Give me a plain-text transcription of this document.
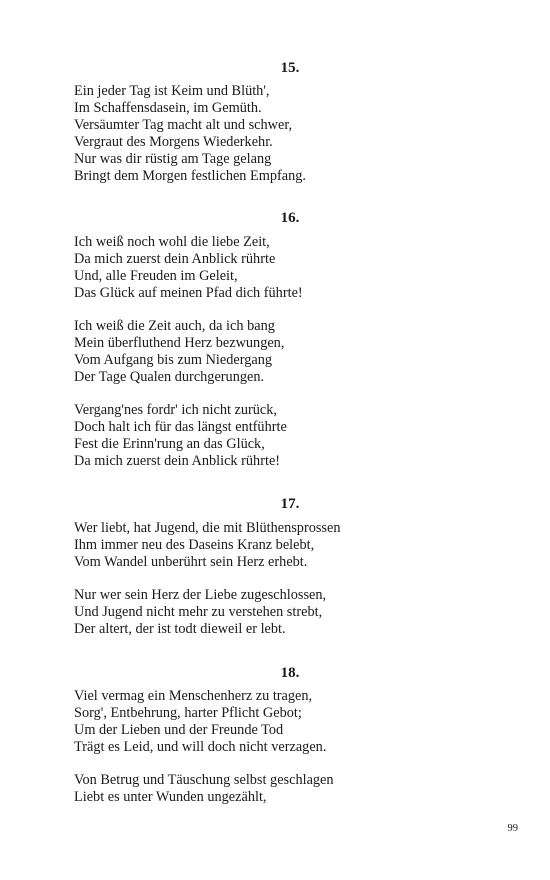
15.
Ein jeder Tag ist Keim und Blüth',
Im Schaffensdasein, im Gemüth.
Versäumter Tag macht alt und schwer,
Vergraut des Morgens Wiederkehr.
Nur was dir rüstig am Tage gelang
Bringt dem Morgen festlichen Empfang.
16.
Ich weiß noch wohl die liebe Zeit,
Da mich zuerst dein Anblick rührte
Und, alle Freuden im Geleit,
Das Glück auf meinen Pfad dich führte!
Ich weiß die Zeit auch, da ich bang
Mein überfluthend Herz bezwungen,
Vom Aufgang bis zum Niedergang
Der Tage Qualen durchgerungen.
Vergang'nes fordr' ich nicht zurück,
Doch halt ich für das längst entführte
Fest die Erinn'rung an das Glück,
Da mich zuerst dein Anblick rührte!
17.
Wer liebt, hat Jugend, die mit Blüthensprossen
Ihm immer neu des Daseins Kranz belebt,
Vom Wandel unberührt sein Herz erhebt.
Nur wer sein Herz der Liebe zugeschlossen,
Und Jugend nicht mehr zu verstehen strebt,
Der altert, der ist todt dieweil er lebt.
18.
Viel vermag ein Menschenherz zu tragen,
Sorg', Entbehrung, harter Pflicht Gebot;
Um der Lieben und der Freunde Tod
Trägt es Leid, und will doch nicht verzagen.
Von Betrug und Täuschung selbst geschlagen
Liebt es unter Wunden ungezählt,
99
